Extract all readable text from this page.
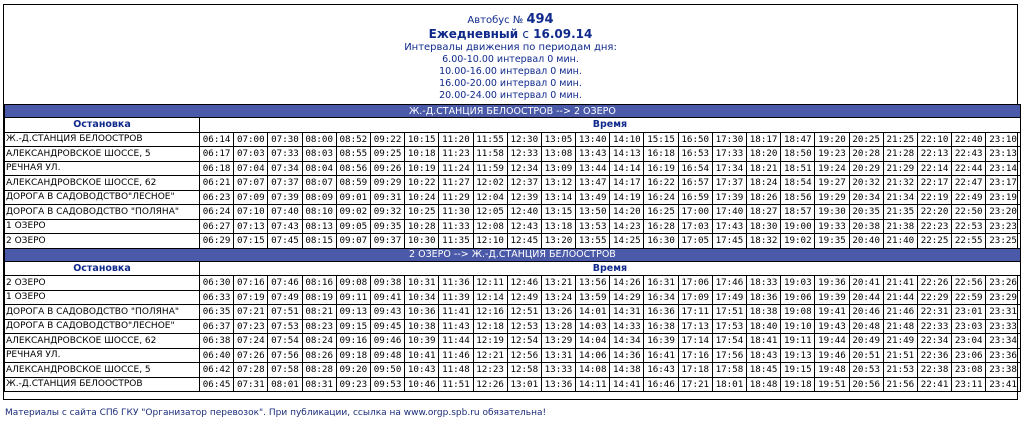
Автобус № 494
Ежедневный с 16.09.14
Интервалы движения по периодам дня:
6.00-10.00 интервал 0 мин.
10.00-16.00 интервал 0 мин.
16.00-20.00 интервал 0 мин.
20.00-24.00 интервал 0 мин.
Ж.-Д.СТАНЦИЯ БЕЛООСТРОВ --> 2 ОЗЕРО																								
Остановка	Время																							
Ж.-Д.СТАНЦИЯ БЕЛООСТРОВ	06:14	07:00	07:30	08:00	08:52	09:22	10:15	11:20	11:55	12:30	13:05	13:40	14:10	15:15	16:50	17:30	18:17	18:47	19:20	20:25	21:25	22:10	22:40	23:10
АЛЕКСАНДРОВСКОЕ ШОССЕ, 5	06:17	07:03	07:33	08:03	08:55	09:25	10:18	11:23	11:58	12:33	13:08	13:43	14:13	16:18	16:53	17:33	18:20	18:50	19:23	20:28	21:28	22:13	22:43	23:13
РЕЧНАЯ УЛ.	06:18	07:04	07:34	08:04	08:56	09:26	10:19	11:24	11:59	12:34	13:09	13:44	14:14	16:19	16:54	17:34	18:21	18:51	19:24	20:29	21:29	22:14	22:44	23:14
АЛЕКСАНДРОВСКОЕ ШОССЕ, 62	06:21	07:07	07:37	08:07	08:59	09:29	10:22	11:27	12:02	12:37	13:12	13:47	14:17	16:22	16:57	17:37	18:24	18:54	19:27	20:32	21:32	22:17	22:47	23:17
ДОРОГА В САДОВОДСТВО"ЛЕСНОЕ"	06:23	07:09	07:39	08:09	09:01	09:31	10:24	11:29	12:04	12:39	13:14	13:49	14:19	16:24	16:59	17:39	18:26	18:56	19:29	20:34	21:34	22:19	22:49	23:19
ДОРОГА В САДОВОДСТВО "ПОЛЯНА"	06:24	07:10	07:40	08:10	09:02	09:32	10:25	11:30	12:05	12:40	13:15	13:50	14:20	16:25	17:00	17:40	18:27	18:57	19:30	20:35	21:35	22:20	22:50	23:20
1 ОЗЕРО	06:27	07:13	07:43	08:13	09:05	09:35	10:28	11:33	12:08	12:43	13:18	13:53	14:23	16:28	17:03	17:43	18:30	19:00	19:33	20:38	21:38	22:23	22:53	23:23
2 ОЗЕРО	06:29	07:15	07:45	08:15	09:07	09:37	10:30	11:35	12:10	12:45	13:20	13:55	14:25	16:30	17:05	17:45	18:32	19:02	19:35	20:40	21:40	22:25	22:55	23:25
2 ОЗЕРО --> Ж.-Д.СТАНЦИЯ БЕЛООСТРОВ																								
Остановка	Время																							
2 ОЗЕРО	06:30	07:16	07:46	08:16	09:08	09:38	10:31	11:36	12:11	12:46	13:21	13:56	14:26	16:31	17:06	17:46	18:33	19:03	19:36	20:41	21:41	22:26	22:56	23:26
1 ОЗЕРО	06:33	07:19	07:49	08:19	09:11	09:41	10:34	11:39	12:14	12:49	13:24	13:59	14:29	16:34	17:09	17:49	18:36	19:06	19:39	20:44	21:44	22:29	22:59	23:29
ДОРОГА В САДОВОДСТВО "ПОЛЯНА"	06:35	07:21	07:51	08:21	09:13	09:43	10:36	11:41	12:16	12:51	13:26	14:01	14:31	16:36	17:11	17:51	18:38	19:08	19:41	20:46	21:46	22:31	23:01	23:31
ДОРОГА В САДОВОДСТВО"ЛЕСНОЕ"	06:37	07:23	07:53	08:23	09:15	09:45	10:38	11:43	12:18	12:53	13:28	14:03	14:33	16:38	17:13	17:53	18:40	19:10	19:43	20:48	21:48	22:33	23:03	23:33
АЛЕКСАНДРОВСКОЕ ШОССЕ, 62	06:38	07:24	07:54	08:24	09:16	09:46	10:39	11:44	12:19	12:54	13:29	14:04	14:34	16:39	17:14	17:54	18:41	19:11	19:44	20:49	21:49	22:34	23:04	23:34
РЕЧНАЯ УЛ.	06:40	07:26	07:56	08:26	09:18	09:48	10:41	11:46	12:21	12:56	13:31	14:06	14:36	16:41	17:16	17:56	18:43	19:13	19:46	20:51	21:51	22:36	23:06	23:36
АЛЕКСАНДРОВСКОЕ ШОССЕ, 5	06:42	07:28	07:58	08:28	09:20	09:50	10:43	11:48	12:23	12:58	13:33	14:08	14:38	16:43	17:18	17:58	18:45	19:15	19:48	20:53	21:53	22:38	23:08	23:38
Ж.-Д.СТАНЦИЯ БЕЛООСТРОВ	06:45	07:31	08:01	08:31	09:23	09:53	10:46	11:51	12:26	13:01	13:36	14:11	14:41	16:46	17:21	18:01	18:48	19:18	19:51	20:56	21:56	22:41	23:11	23:41
Материалы с сайта СПб ГКУ "Организатор перевозок". При публикации, ссылка на www.orgp.spb.ru обязательна!
